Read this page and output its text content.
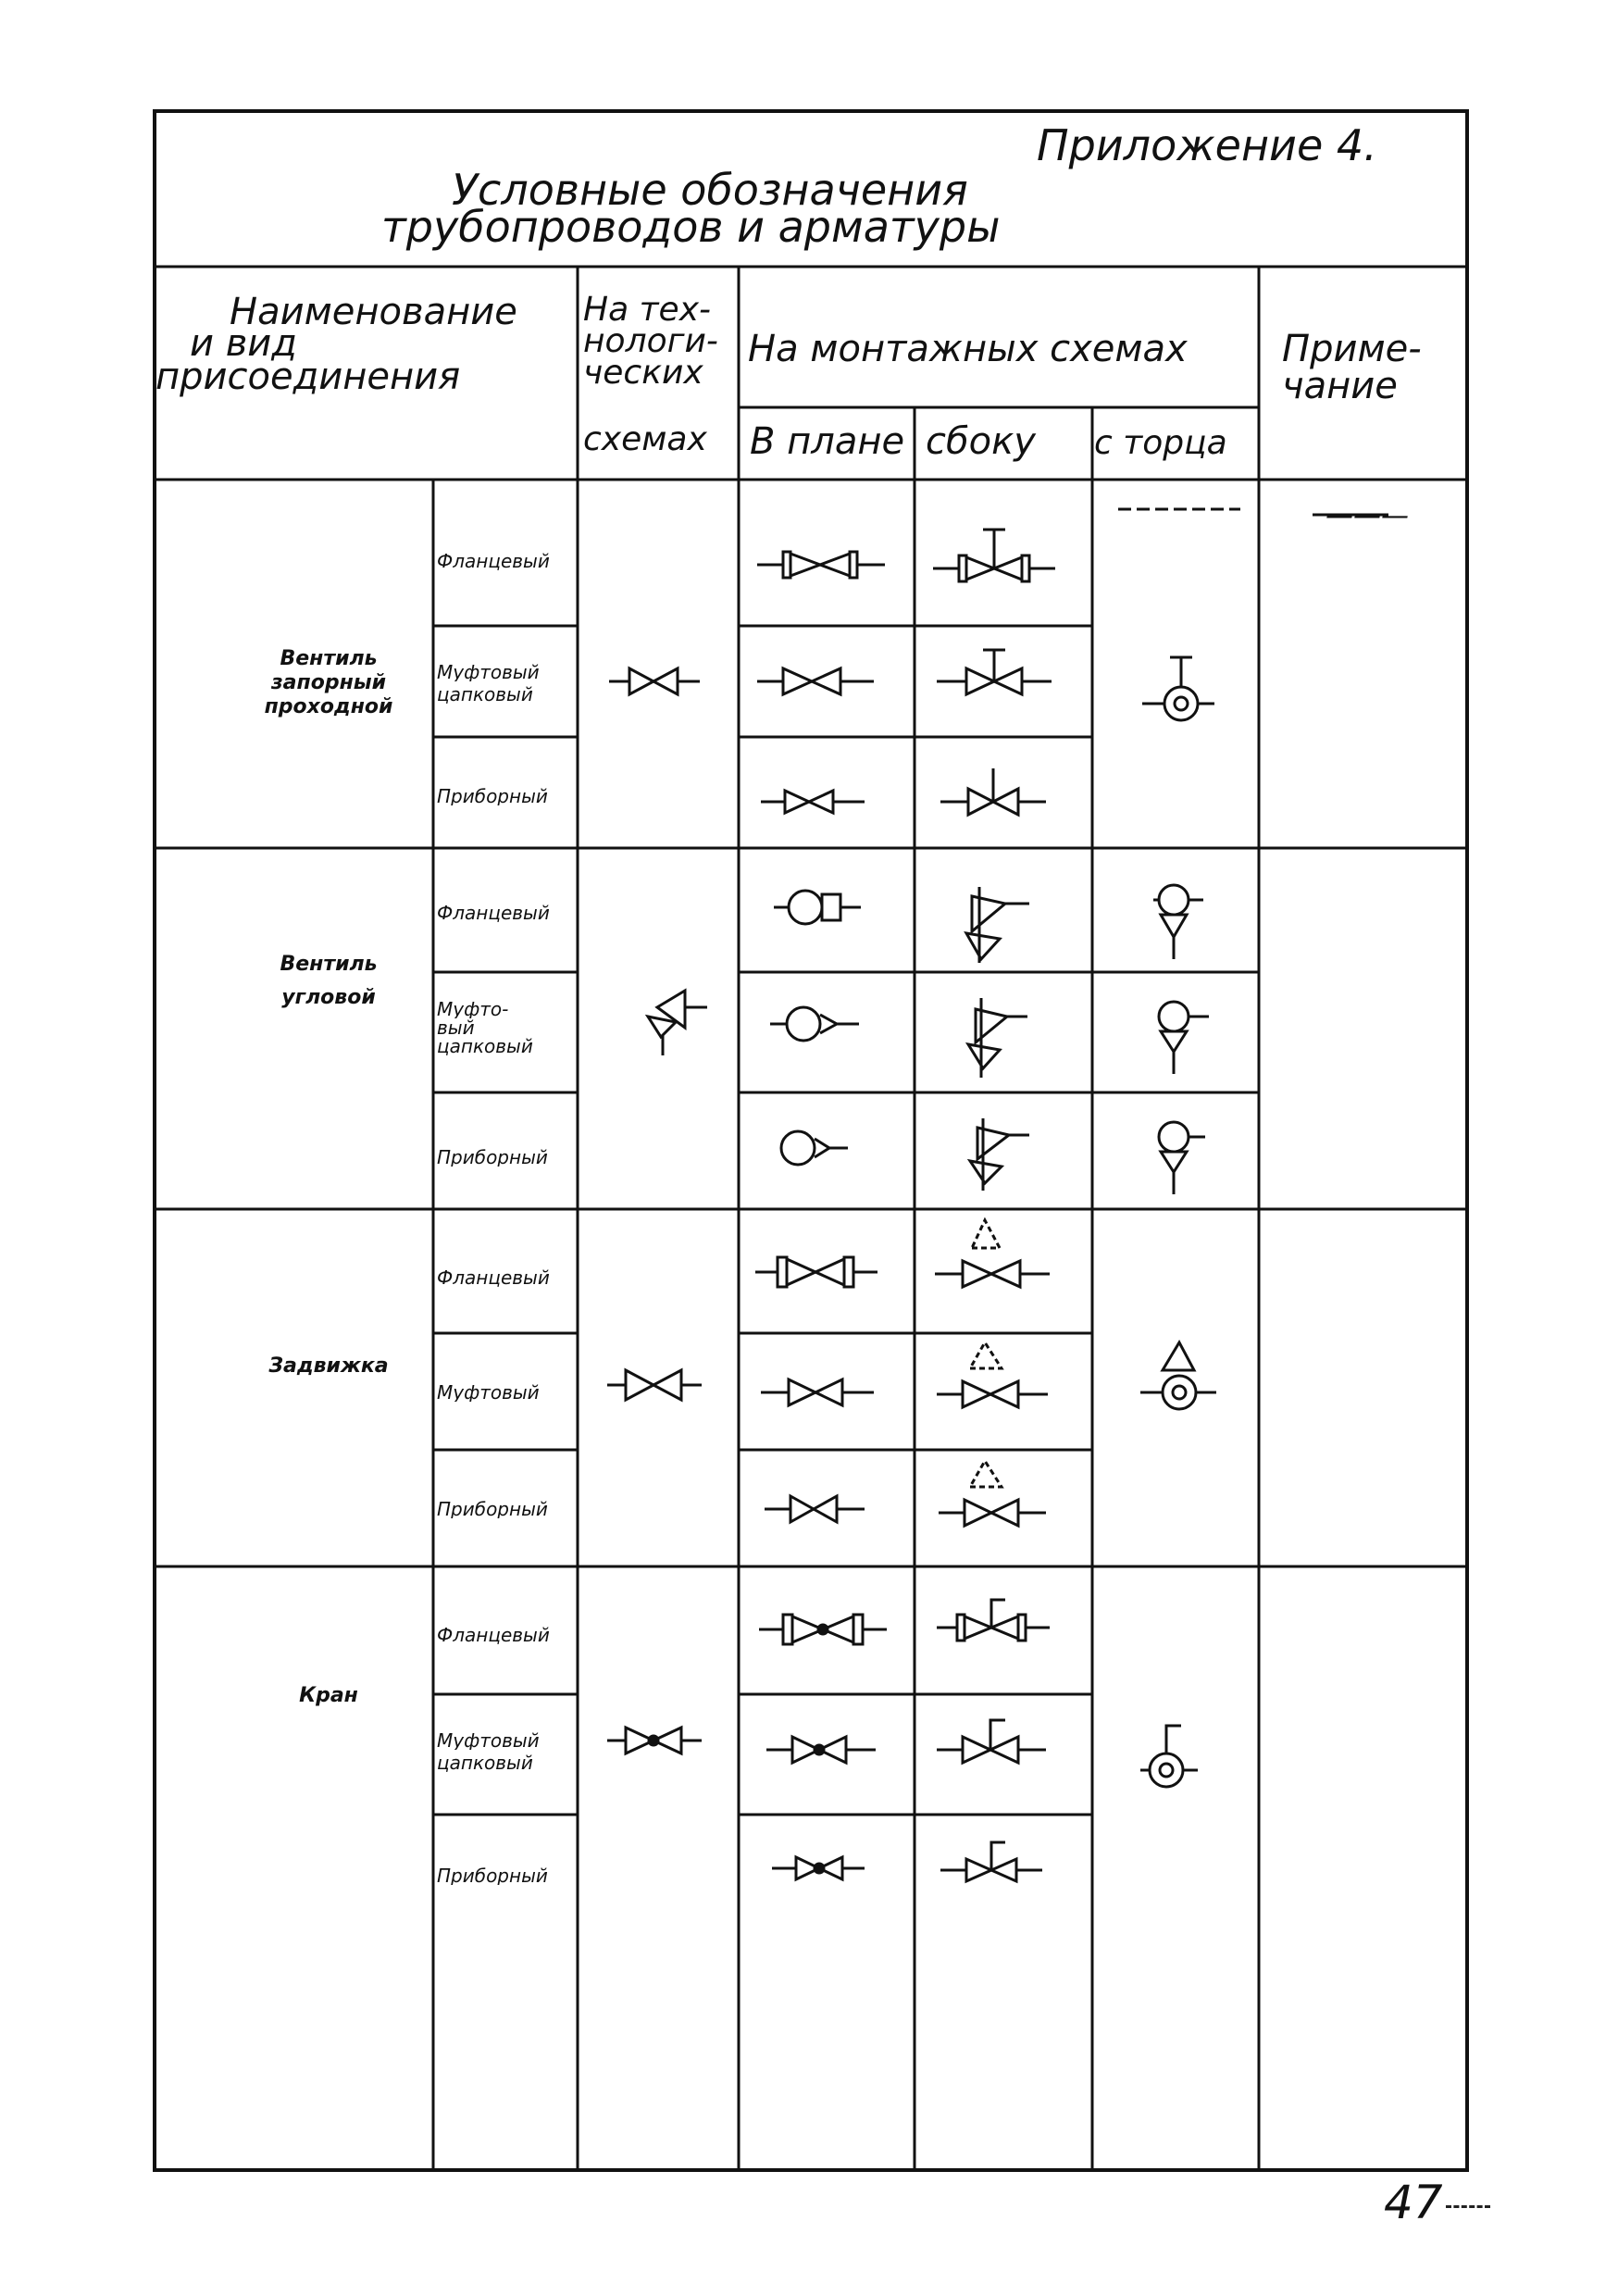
Приложение 4.
Условные обозначения
трубопроводов и арматуры
Наименование
и вид
присоединения
На тех-
нологи-
ческих
схемах
На монтажных схемах
В плане сбоку с торца
Приме-
чание
Вентиль
запорный
проходной
Фланцевый
Муфтовый
цапковый
Приборный
Вентиль
угловой
Фланцевый
Муфто-
вый
цапковый
Приборный
Задвижка
Фланцевый
Муфтовый
Приборный
Кран
Фланцевый
Муфтовый
цапковый
Приборный
———
47
